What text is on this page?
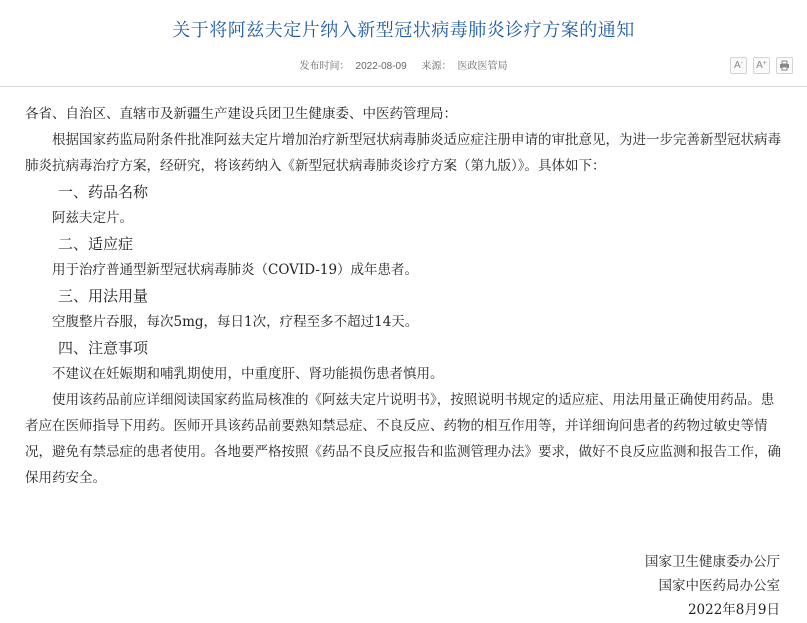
关于将阿兹夫定片纳入新型冠状病毒肺炎诊疗方案的通知
发布时间： 2022-08-09 来源： 医政医管局	A- A+

各省、自治区、直辖市及新疆生产建设兵团卫生健康委、中医药管理局：

根据国家药监局附条件批准阿兹夫定片增加治疗新型冠状病毒肺炎适应症注册申请的审批意见，为进一步完善新型冠状病毒肺炎抗病毒治疗方案，经研究，将该药纳入《新型冠状病毒肺炎诊疗方案（第九版）》。具体如下：

一、药品名称

阿兹夫定片。

二、适应症

用于治疗普通型新型冠状病毒肺炎（COVID-19）成年患者。

三、用法用量

空腹整片吞服，每次5mg，每日1次，疗程至多不超过14天。

四、注意事项

不建议在妊娠期和哺乳期使用，中重度肝、肾功能损伤患者慎用。

使用该药品前应详细阅读国家药监局核准的《阿兹夫定片说明书》，按照说明书规定的适应症、用法用量正确使用药品。患者应在医师指导下用药。医师开具该药品前要熟知禁忌症、不良反应、药物的相互作用等，并详细询问患者的药物过敏史等情况，避免有禁忌症的患者使用。各地要严格按照《药品不良反应报告和监测管理办法》要求，做好不良反应监测和报告工作，确保用药安全。

国家卫生健康委办公厅
国家中医药局办公室
2022年8月9日
